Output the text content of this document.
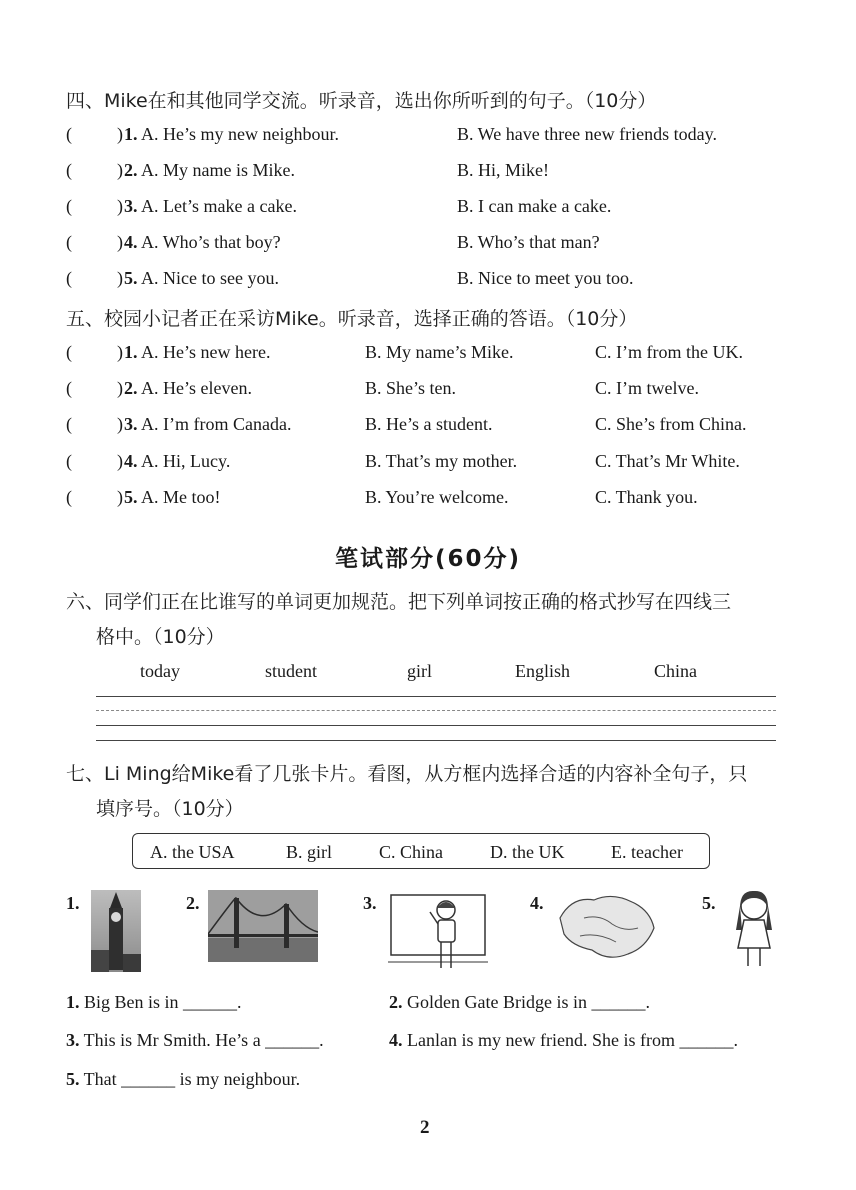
四、Mike在和其他同学交流。听录音，选出你所听到的句子。（10分）
(	) 1. A. He’s my new neighbour.	B. We have three new friends today.
(	) 2. A. My name is Mike.	B. Hi, Mike!
(	) 3. A. Let’s make a cake.	B. I can make a cake.
(	) 4. A. Who’s that boy?	B. Who’s that man?
(	) 5. A. Nice to see you.	B. Nice to meet you too.
五、校园小记者正在采访Mike。听录音，选择正确的答语。（10分）
(	) 1. A. He’s new here.	B. My name’s Mike.	C. I’m from the UK.
(	) 2. A. He’s eleven.	B. She’s ten.	C. I’m twelve.
(	) 3. A. I’m from Canada.	B. He’s a student.	C. She’s from China.
(	) 4. A. Hi, Lucy.	B. That’s my mother.	C. That’s Mr White.
(	) 5. A. Me too!	B. You’re welcome.	C. Thank you.
笔试部分(60分)
六、同学们正在比谁写的单词更加规范。把下列单词按正确的格式抄写在四线三
格中。（10分）
today	student	girl	English	China
七、Li Ming给Mike看了几张卡片。看图，从方框内选择合适的内容补全句子，只
填序号。（10分）
A. the USA	B. girl	C. China	D. the UK	E. teacher
1.	2.	3.	4.	5.
1. Big Ben is in ______.	2. Golden Gate Bridge is in ______.
3. This is Mr Smith. He’s a ______.	4. Lanlan is my new friend. She is from ______.
5. That ______ is my neighbour.
2
